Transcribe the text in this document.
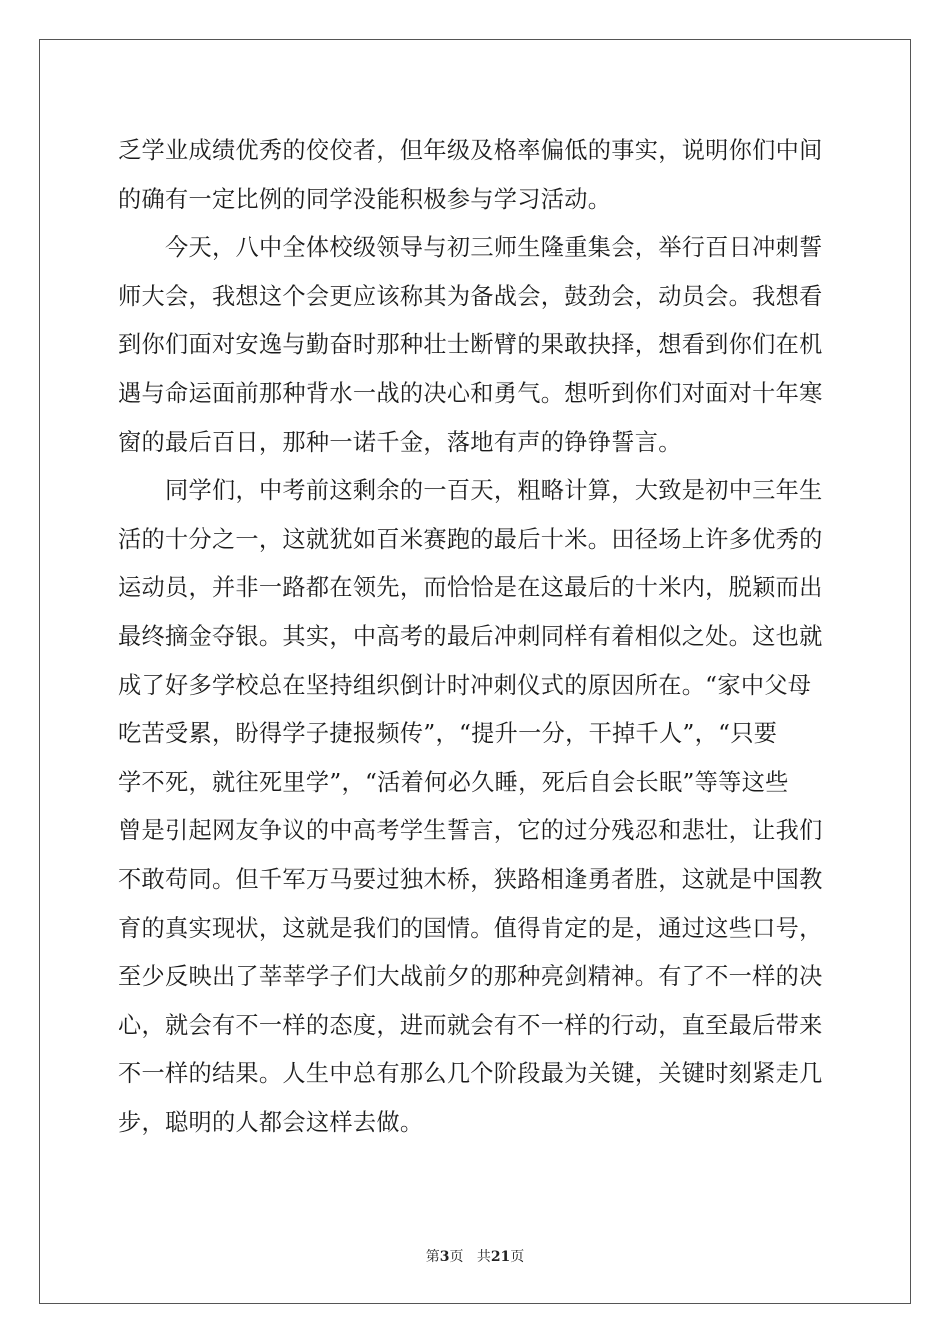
乏学业成绩优秀的佼佼者，但年级及格率偏低的事实，说明你们中间
的确有一定比例的同学没能积极参与学习活动。
今天，八中全体校级领导与初三师生隆重集会，举行百日冲刺誓
师大会，我想这个会更应该称其为备战会，鼓劲会，动员会。我想看
到你们面对安逸与勤奋时那种壮士断臂的果敢抉择，想看到你们在机
遇与命运面前那种背水一战的决心和勇气。想听到你们对面对十年寒
窗的最后百日，那种一诺千金，落地有声的铮铮誓言。
同学们，中考前这剩余的一百天，粗略计算，大致是初中三年生
活的十分之一，这就犹如百米赛跑的最后十米。田径场上许多优秀的
运动员，并非一路都在领先，而恰恰是在这最后的十米内，脱颖而出
最终摘金夺银。其实，中高考的最后冲刺同样有着相似之处。这也就
成了好多学校总在坚持组织倒计时冲刺仪式的原因所在。“家中父母
吃苦受累，盼得学子捷报频传”，“提升一分，干掉千人”，“只要
学不死，就往死里学”，“活着何必久睡，死后自会长眠”等等这些
曾是引起网友争议的中高考学生誓言，它的过分残忍和悲壮，让我们
不敢苟同。但千军万马要过独木桥，狭路相逢勇者胜，这就是中国教
育的真实现状，这就是我们的国情。值得肯定的是，通过这些口号，
至少反映出了莘莘学子们大战前夕的那种亮剑精神。有了不一样的决
心，就会有不一样的态度，进而就会有不一样的行动，直至最后带来
不一样的结果。人生中总有那么几个阶段最为关键，关键时刻紧走几
步，聪明的人都会这样去做。
第3页 共21页
